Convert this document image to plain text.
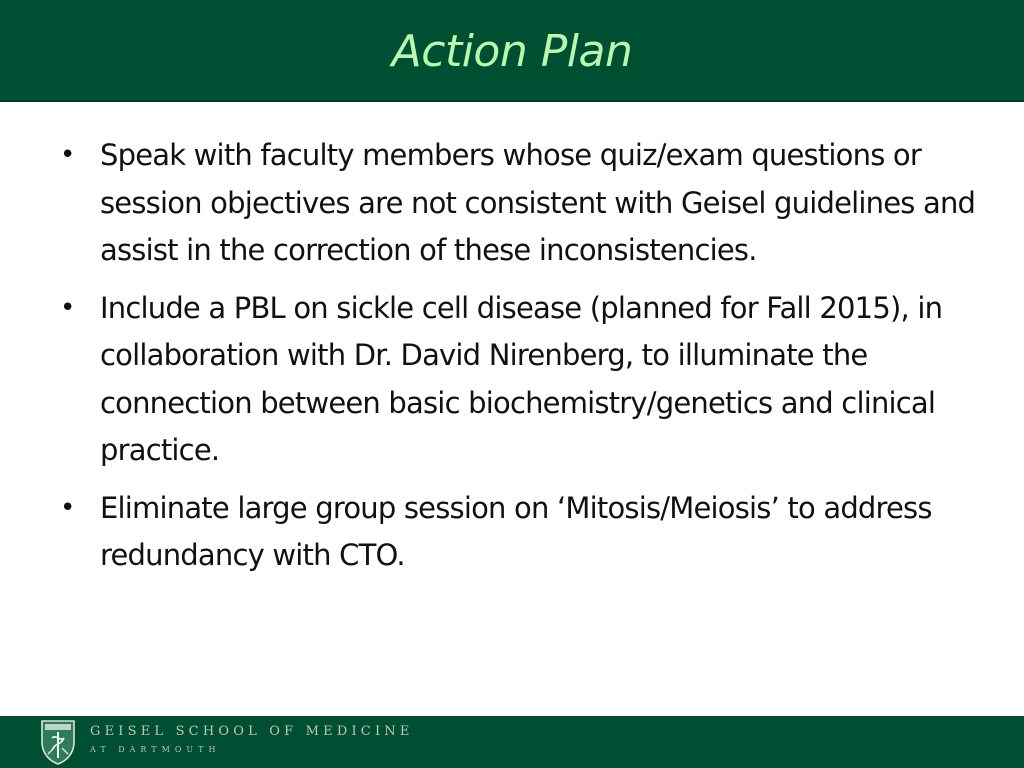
Action Plan
• Speak with faculty members whose quiz/exam questions or session objectives are not consistent with Geisel guidelines and assist in the correction of these inconsistencies.
• Include a PBL on sickle cell disease (planned for Fall 2015), in collaboration with Dr. David Nirenberg, to illuminate the connection between basic biochemistry/genetics and clinical practice.
• Eliminate large group session on ‘Mitosis/Meiosis’ to address redundancy with CTO.
GEISEL SCHOOL OF MEDICINE
AT DARTMOUTH
